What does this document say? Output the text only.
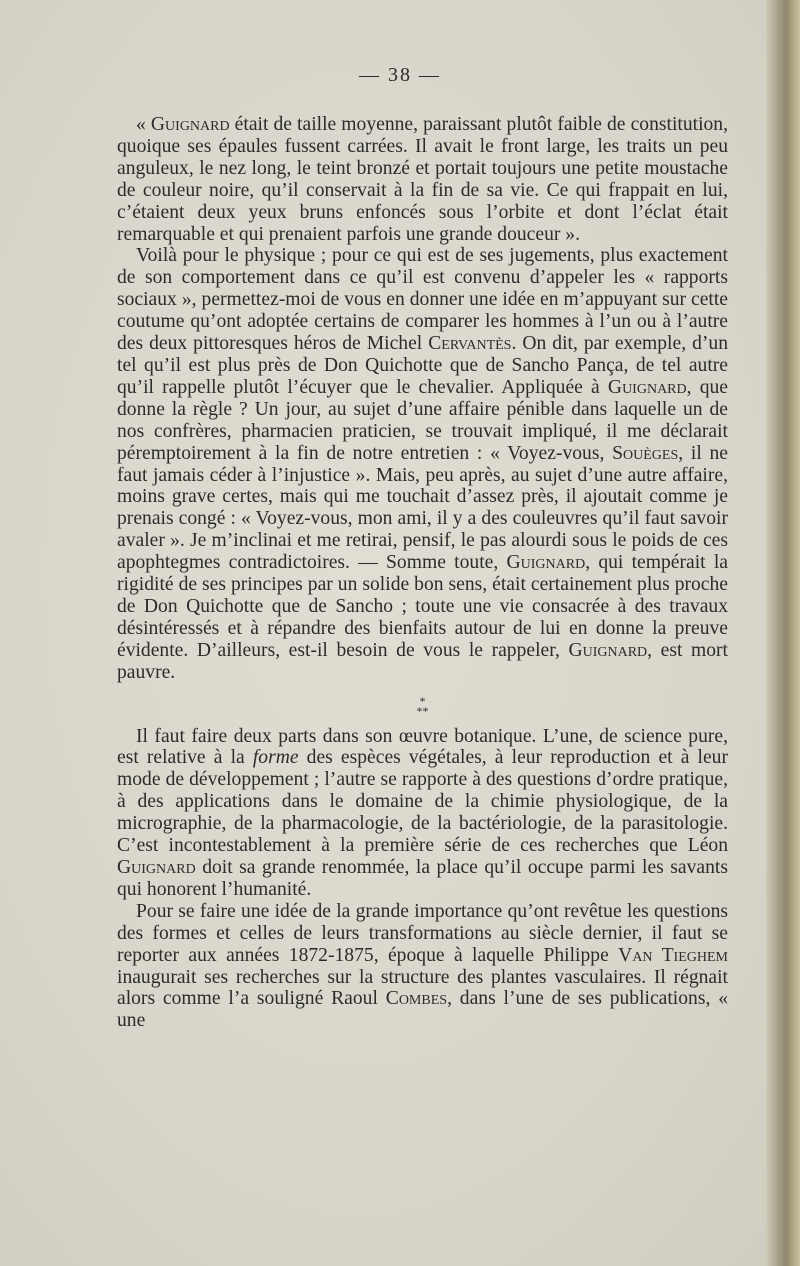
— 38 —

« Guignard était de taille moyenne, paraissant plutôt faible de constitution, quoique ses épaules fussent carrées. Il avait le front large, les traits un peu anguleux, le nez long, le teint bronzé et portait toujours une petite moustache de couleur noire, qu’il conservait à la fin de sa vie. Ce qui frappait en lui, c’étaient deux yeux bruns enfoncés sous l’orbite et dont l’éclat était remarquable et qui prenaient parfois une grande douceur ».

Voilà pour le physique ; pour ce qui est de ses jugements, plus exactement de son comportement dans ce qu’il est convenu d’appeler les « rapports sociaux », permettez-moi de vous en donner une idée en m’appuyant sur cette coutume qu’ont adoptée certains de comparer les hommes à l’un ou à l’autre des deux pittoresques héros de Michel Cervantès. On dit, par exemple, d’un tel qu’il est plus près de Don Quichotte que de Sancho Pança, de tel autre qu’il rappelle plutôt l’écuyer que le chevalier. Appliquée à Guignard, que donne la règle ? Un jour, au sujet d’une affaire pénible dans laquelle un de nos confrères, pharmacien praticien, se trouvait impliqué, il me déclarait péremptoirement à la fin de notre entretien : « Voyez-vous, Souèges, il ne faut jamais céder à l’injustice ». Mais, peu après, au sujet d’une autre affaire, moins grave certes, mais qui me touchait d’assez près, il ajoutait comme je prenais congé : « Voyez-vous, mon ami, il y a des couleuvres qu’il faut savoir avaler ». Je m’inclinai et me retirai, pensif, le pas alourdi sous le poids de ces apophtegmes contradictoires. — Somme toute, Guignard, qui tempérait la rigidité de ses principes par un solide bon sens, était certainement plus proche de Don Quichotte que de Sancho ; toute une vie consacrée à des travaux désintéressés et à répandre des bienfaits autour de lui en donne la preuve évidente. D’ailleurs, est-il besoin de vous le rappeler, Guignard, est mort pauvre.

*
**

Il faut faire deux parts dans son œuvre botanique. L’une, de science pure, est relative à la forme des espèces végétales, à leur reproduction et à leur mode de développement ; l’autre se rapporte à des questions d’ordre pratique, à des applications dans le domaine de la chimie physiologique, de la micrographie, de la pharmacologie, de la bactériologie, de la parasitologie. C’est incontestablement à la première série de ces recherches que Léon Guignard doit sa grande renommée, la place qu’il occupe parmi les savants qui honorent l’humanité.

Pour se faire une idée de la grande importance qu’ont revêtue les questions des formes et celles de leurs transformations au siècle dernier, il faut se reporter aux années 1872-1875, époque à laquelle Philippe Van Tieghem inaugurait ses recherches sur la structure des plantes vasculaires. Il régnait alors comme l’a souligné Raoul Combes, dans l’une de ses publications, « une
